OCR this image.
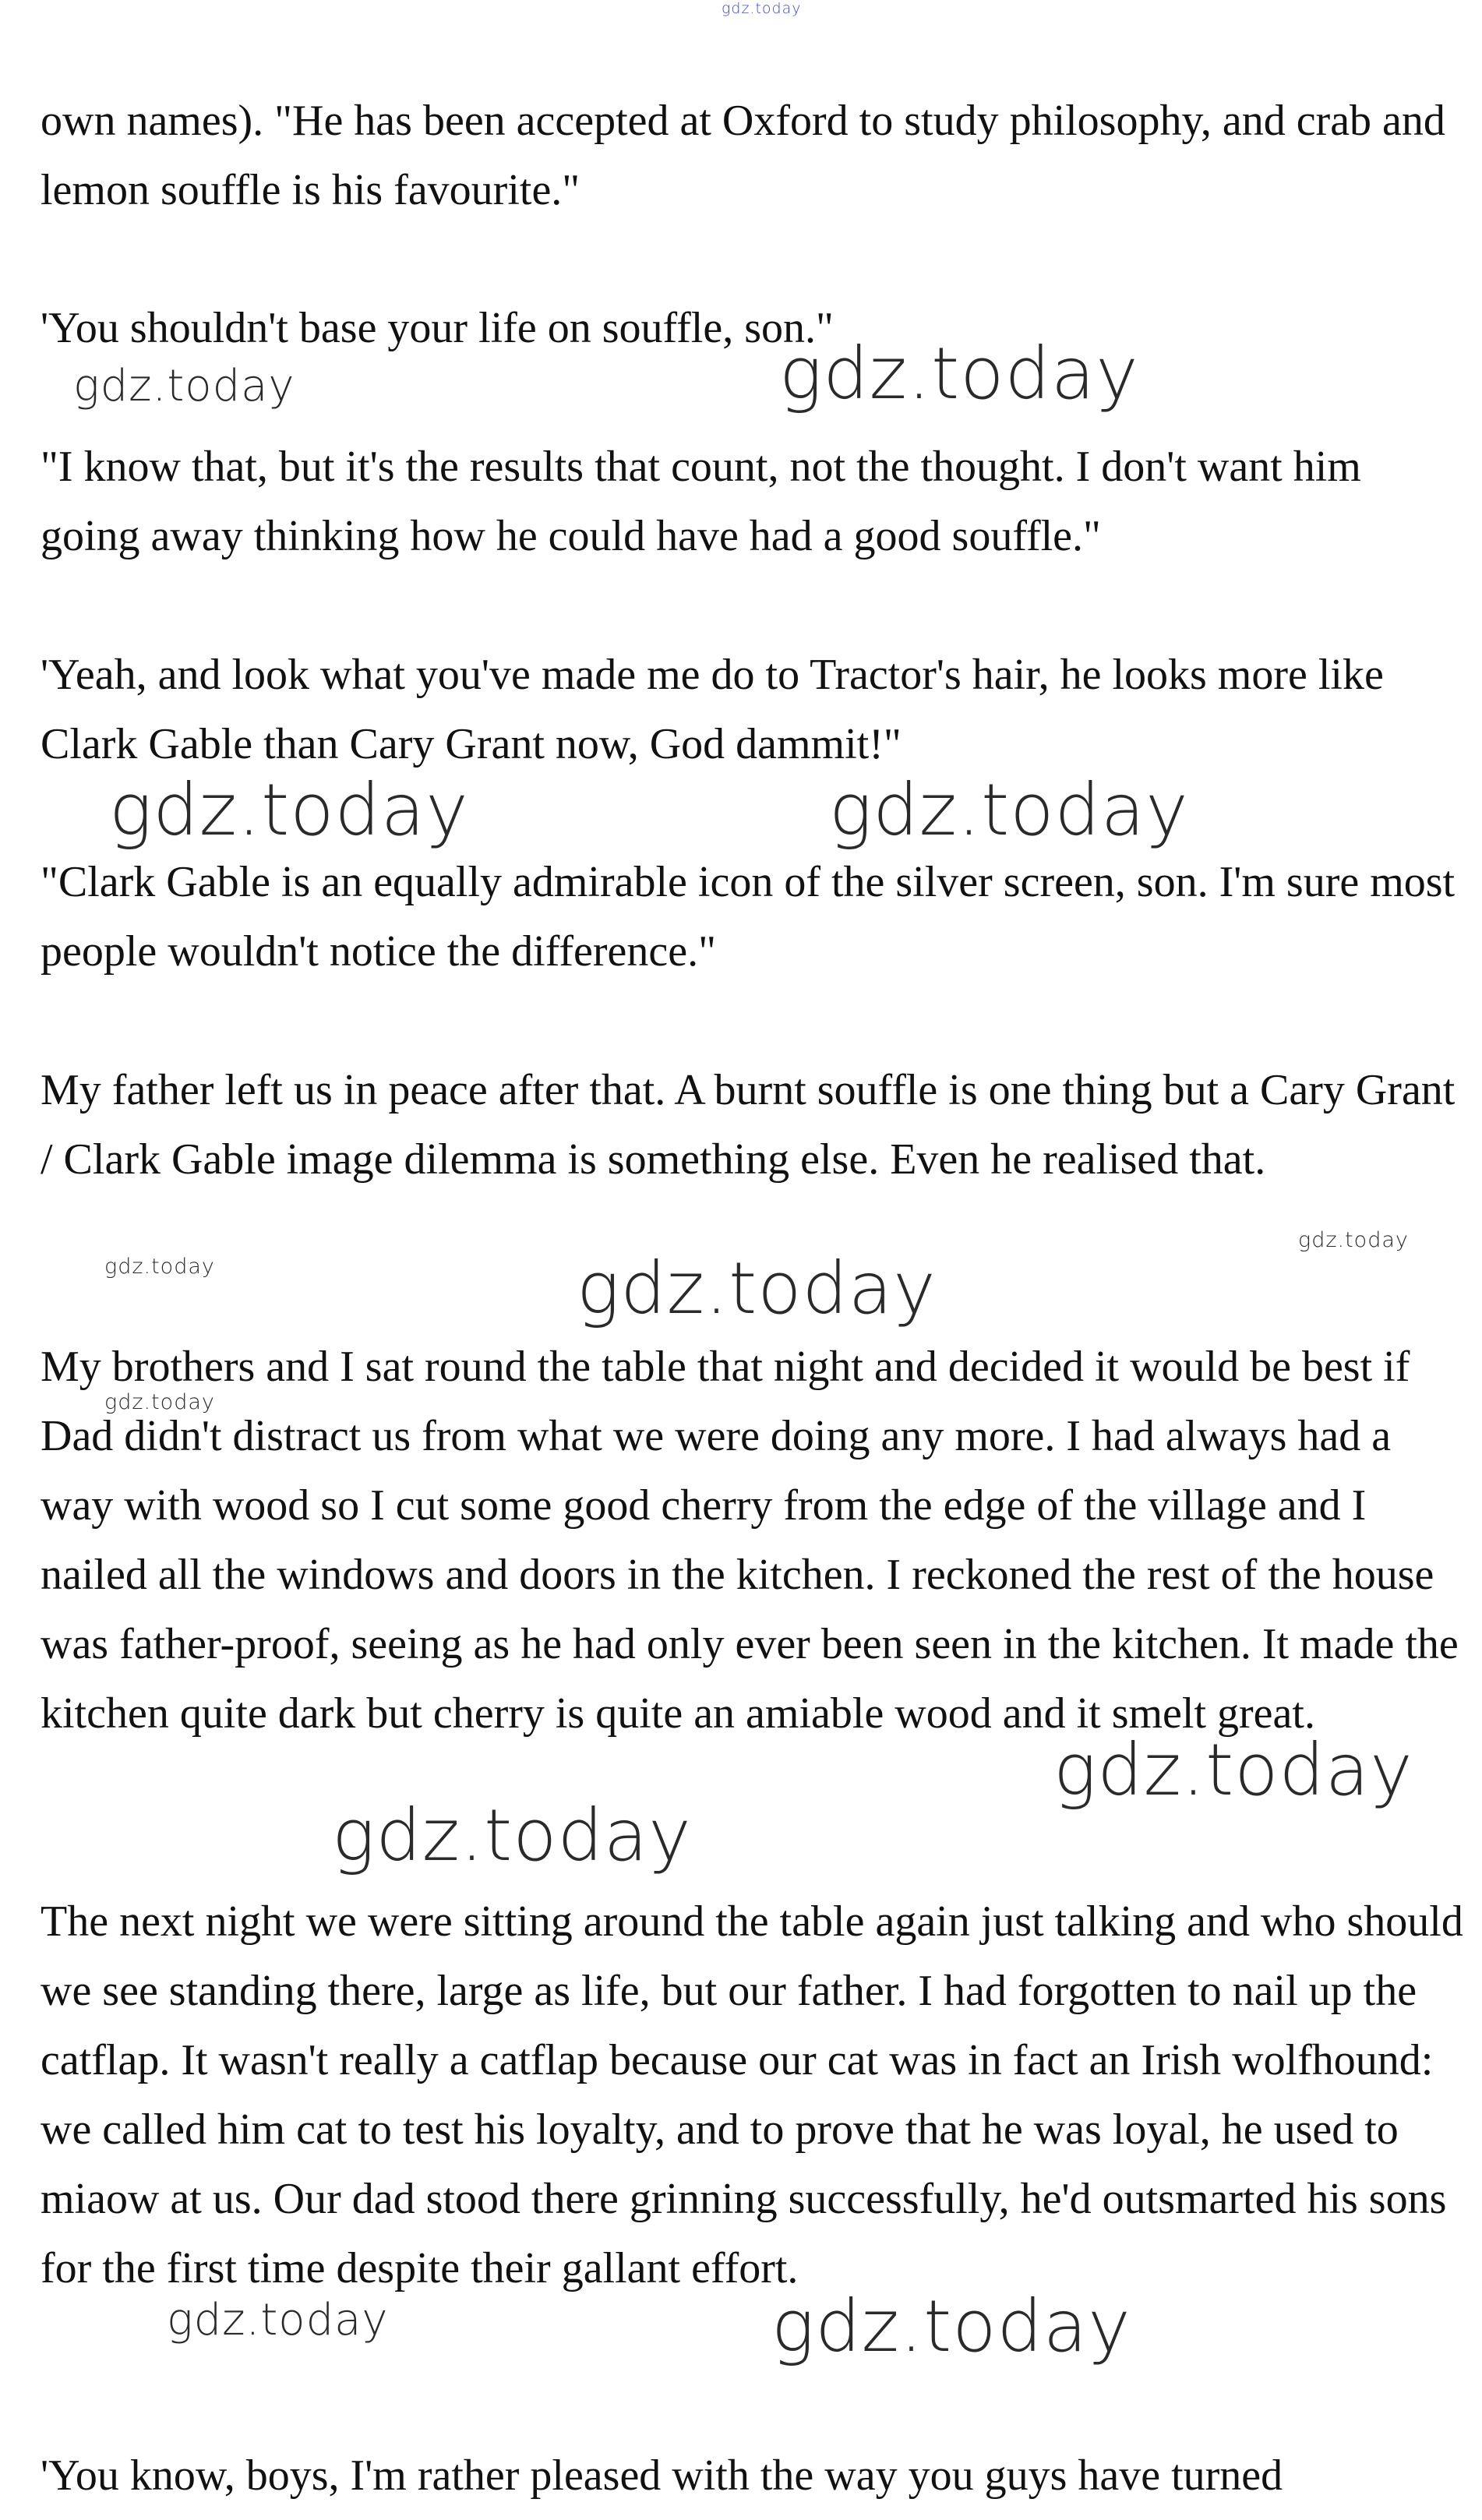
gdz.today
gdz.today	gdz.today
gdz.today	gdz.today
gdz.today
gdz.today	gdz.today
gdz.today
gdz.today
gdz.today
gdz.today	gdz.today

own names). "He has been accepted at Oxford to study philosophy, and crab and lemon souffle is his favourite."

'You shouldn't base your life on souffle, son."

"I know that, but it's the results that count, not the thought. I don't want him going away thinking how he could have had a good souffle."

'Yeah, and look what you've made me do to Tractor's hair, he looks more like Clark Gable than Cary Grant now, God dammit!"

"Clark Gable is an equally admirable icon of the silver screen, son. I'm sure most people wouldn't notice the difference."

My father left us in peace after that. A burnt souffle is one thing but a Cary Grant / Clark Gable image dilemma is something else. Even he realised that.

My brothers and I sat round the table that night and decided it would be best if Dad didn't distract us from what we were doing any more. I had always had a way with wood so I cut some good cherry from the edge of the village and I nailed all the windows and doors in the kitchen. I reckoned the rest of the house was father-proof, seeing as he had only ever been seen in the kitchen. It made the kitchen quite dark but cherry is quite an amiable wood and it smelt great.

The next night we were sitting around the table again just talking and who should we see standing there, large as life, but our father. I had forgotten to nail up the catflap. It wasn't really a catflap because our cat was in fact an Irish wolfhound: we called him cat to test his loyalty, and to prove that he was loyal, he used to miaow at us. Our dad stood there grinning successfully, he'd outsmarted his sons for the first time despite their gallant effort.

'You know, boys, I'm rather pleased with the way you guys have turned
